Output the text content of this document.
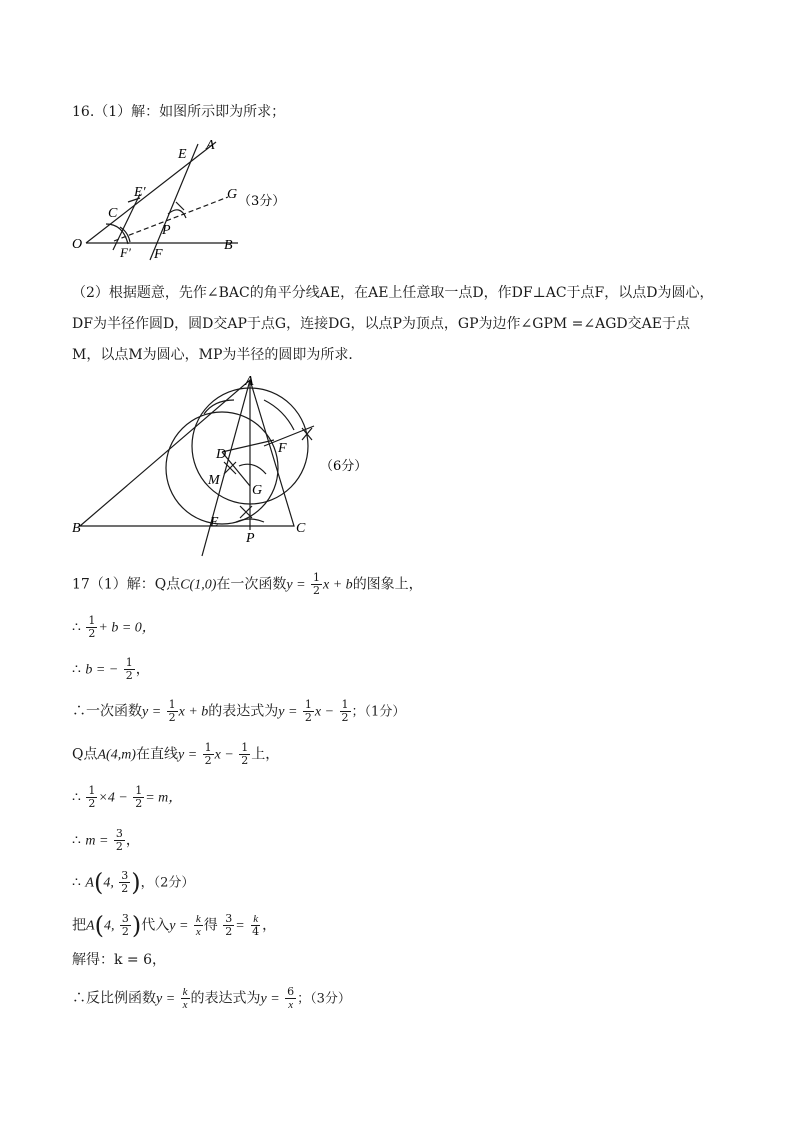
16.（1）解：如图所示即为所求；
E
A
E′	G
C
P
O
F′ F
B
（3分）
（2）根据题意，先作∠BAC的角平分线AE，在AE上任意取一点D，作DF⊥AC于点F，以点D为圆心，
DF为半径作圆D，圆D交AP于点G，连接DG，以点P为顶点，GP为边作∠GPM =∠AGD交AE于点
M，以点M为圆心，MP为半径的圆即为所求．
A
D	F
M
G
B	E
P
C
（6分）
17（1）解：Q点C(1,0)在一次函数$y = \frac{1}{2}$ x + b的图象上，
∴ $\frac{1}{2} + b = 0$，
∴ b = − $\frac{1}{2}$ ，
∴一次函数$y = \frac{1}{2}$ x + b的表达式为$y = \frac{1}{2}$ $x - \frac{1}{2}$ ；（1分）
Q点A(4,m)在直线$y = \frac{1}{2}$ $x - \frac{1}{2}$ 上，
∴ $\frac{1}{2} \times 4 - \frac{1}{2} = m$，
∴ $m = \frac{3}{2}$ ，
∴ A(4, $\frac{3}{2}$ )，（2分）
把A(4, $\frac{3}{2}$ )代入$y = \frac{k}{x}$ 得 $\frac{3}{2} = \frac{k}{4}$ ，
解得：k = 6，
∴反比例函数$y = \frac{k}{x}$ 的表达式为$y = \frac{6}{x}$ ；（3分）
